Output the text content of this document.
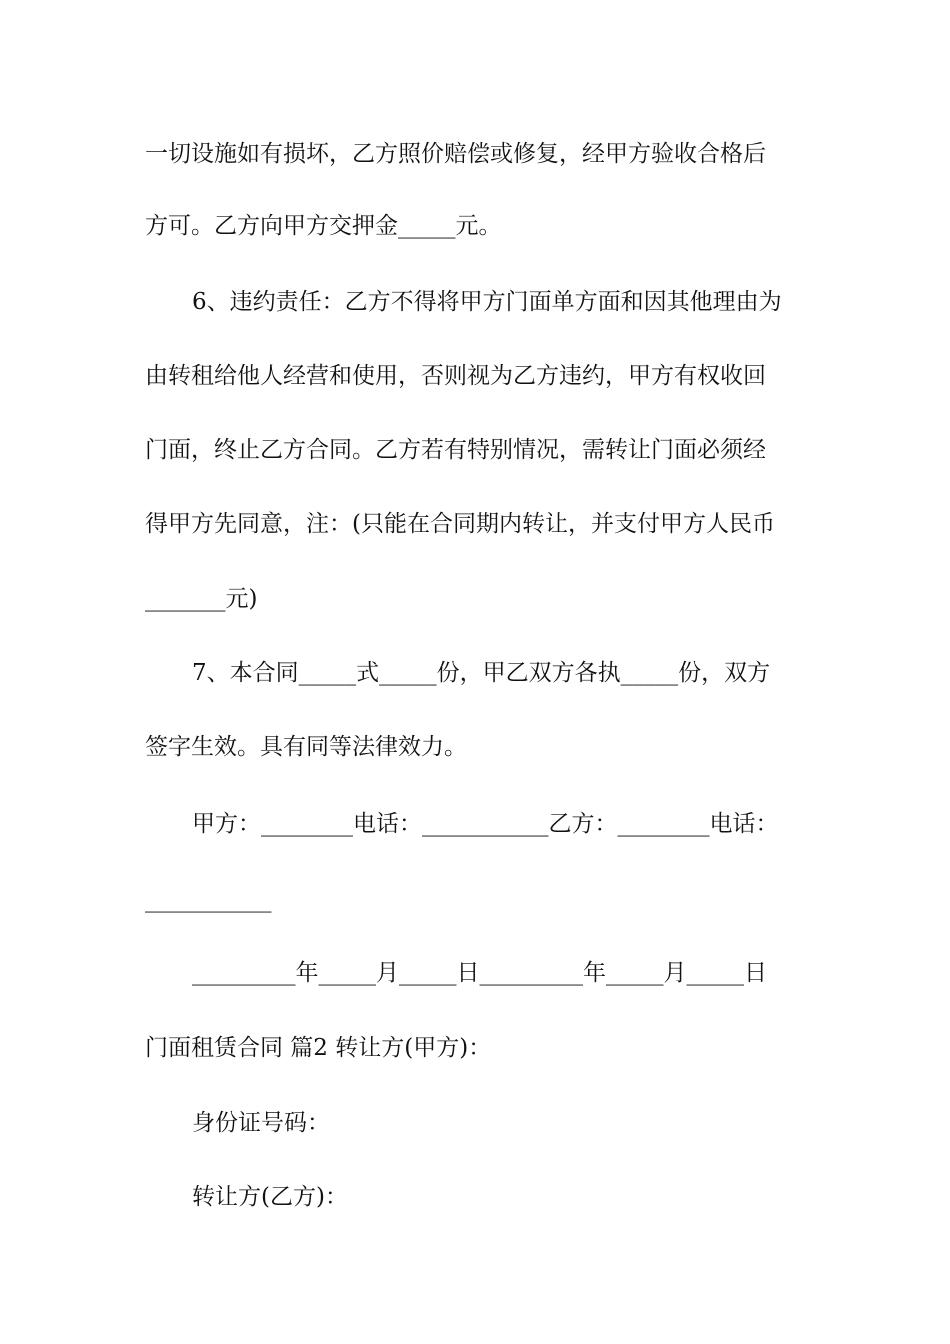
一切设施如有损坏，乙方照价赔偿或修复，经甲方验收合格后
方可。乙方向甲方交押金_____元。
6、违约责任：乙方不得将甲方门面单方面和因其他理由为
由转租给他人经营和使用，否则视为乙方违约，甲方有权收回
门面，终止乙方合同。乙方若有特别情况，需转让门面必须经
得甲方先同意，注：(只能在合同期内转让，并支付甲方人民币
_______元)
7、本合同_____式_____份，甲乙双方各执_____份，双方
签字生效。具有同等法律效力。
甲方：________电话：___________乙方：________电话：
___________
_________年_____月_____日_________年_____月_____日
门面租赁合同 篇2 转让方(甲方)：
身份证号码：
转让方(乙方)：
